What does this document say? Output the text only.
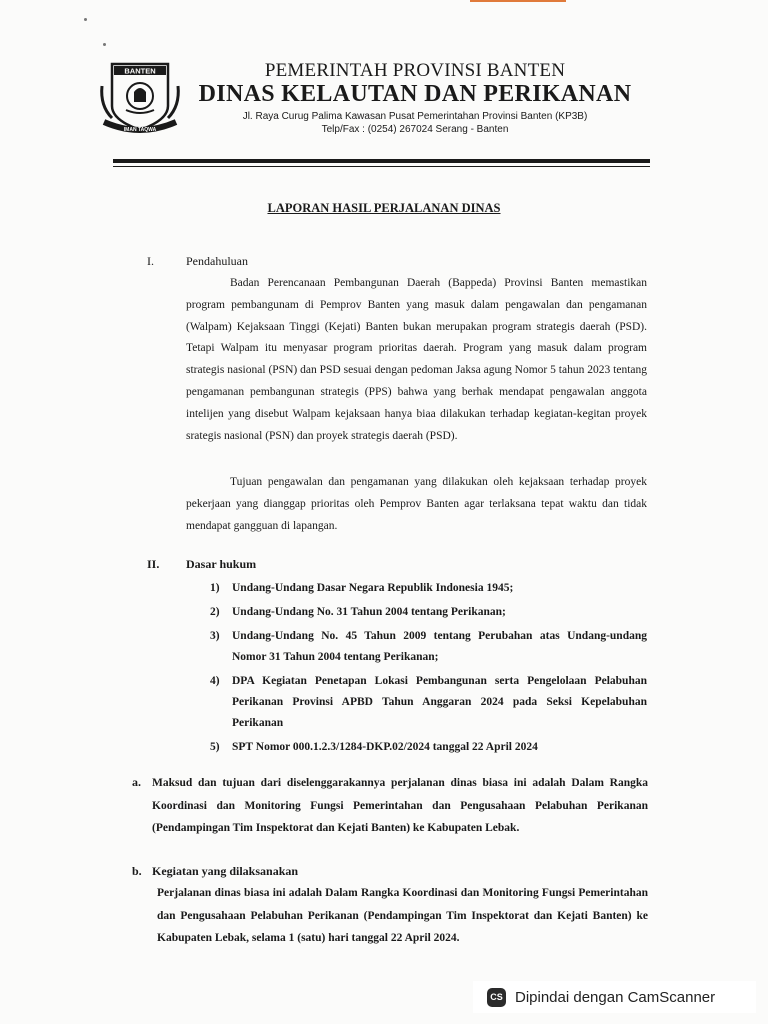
BANTEN
IMAN TAQWA
PEMERINTAH PROVINSI BANTEN
DINAS KELAUTAN DAN PERIKANAN
Jl. Raya Curug Palima Kawasan Pusat Pemerintahan Provinsi Banten (KP3B)
Telp/Fax : (0254) 267024 Serang - Banten
LAPORAN HASIL PERJALANAN DINAS
I.	Pendahuluan
Badan Perencanaan Pembangunan Daerah (Bappeda) Provinsi Banten memastikan program pembangunam di Pemprov Banten yang masuk dalam pengawalan dan pengamanan (Walpam) Kejaksaan Tinggi (Kejati) Banten bukan merupakan program strategis daerah (PSD). Tetapi Walpam itu menyasar program prioritas daerah. Program yang masuk dalam program strategis nasional (PSN) dan PSD sesuai dengan pedoman Jaksa agung Nomor 5 tahun 2023 tentang pengamanan pembangunan strategis (PPS) bahwa yang berhak mendapat pengawalan anggota intelijen yang disebut Walpam kejaksaan hanya biaa dilakukan terhadap kegiatan-kegitan proyek srategis nasional (PSN) dan proyek strategis daerah (PSD).
Tujuan pengawalan dan pengamanan yang dilakukan oleh kejaksaan terhadap proyek pekerjaan yang dianggap prioritas oleh Pemprov Banten agar terlaksana tepat waktu dan tidak mendapat gangguan di lapangan.
II. Dasar hukum
1) Undang-Undang Dasar Negara Republik Indonesia 1945;
2) Undang-Undang No. 31 Tahun 2004 tentang Perikanan;
3) Undang-Undang No. 45 Tahun 2009 tentang Perubahan atas Undang-undang Nomor 31 Tahun 2004 tentang Perikanan;
4) DPA Kegiatan Penetapan Lokasi Pembangunan serta Pengelolaan Pelabuhan Perikanan Provinsi APBD Tahun Anggaran 2024 pada Seksi Kepelabuhan Perikanan
5) SPT Nomor 000.1.2.3/1284-DKP.02/2024 tanggal 22 April 2024
a. Maksud dan tujuan dari diselenggarakannya perjalanan dinas biasa ini adalah Dalam Rangka Koordinasi dan Monitoring Fungsi Pemerintahan dan Pengusahaan Pelabuhan Perikanan (Pendampingan Tim Inspektorat dan Kejati Banten) ke Kabupaten Lebak.
b. Kegiatan yang dilaksanakan
Perjalanan dinas biasa ini adalah Dalam Rangka Koordinasi dan Monitoring Fungsi Pemerintahan dan Pengusahaan Pelabuhan Perikanan (Pendampingan Tim Inspektorat dan Kejati Banten) ke Kabupaten Lebak, selama 1 (satu) hari tanggal 22 April 2024.
CS Dipindai dengan CamScanner
